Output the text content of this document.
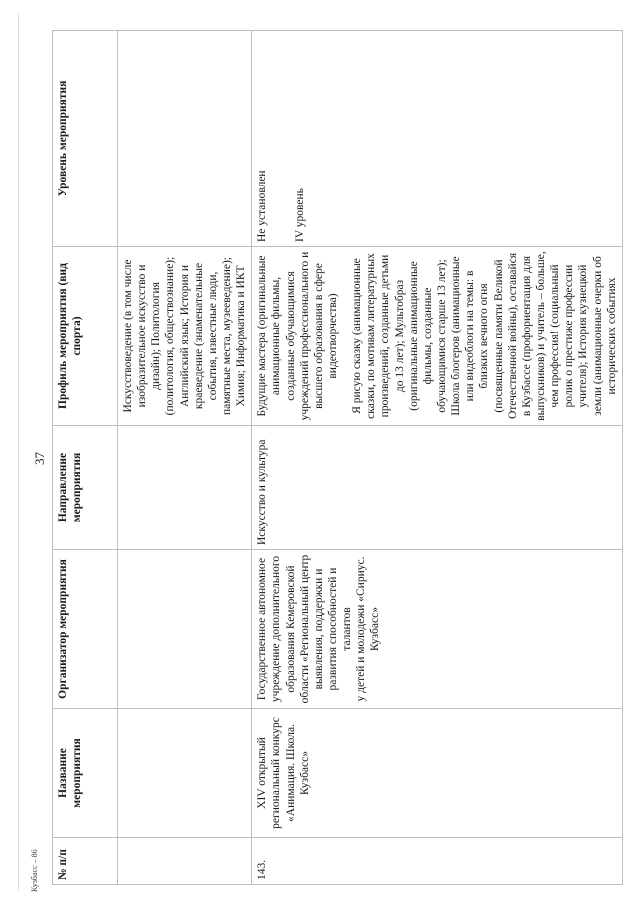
37
№ п/п	Название мероприятия	Организатор мероприятия	Направление мероприятия	Профиль мероприятия (вид спорта)	Уровень мероприятия
				Искусствоведение (в том числе изобразительное искусство и дизайн); Политология (политология, обществознание); Английский язык; История и краеведение (знаменательные события, известные люди, памятные места, музееведение); Химия; Информатика и ИКТ	
143.	XIV открытый региональный конкурс «Анимация. Школа. Кузбасс»	Государственное автономное учреждение дополнительного образования Кемеровской области «Региональный центр выявления, поддержки и развития способностей и талантов у детей и молодежи «Сириус. Кузбасс»	Искусство и культура	Будущие мастера (оригинальные анимационные фильмы, созданные обучающимися учреждений профессионального и высшего образования в сфере видеотворчества) Я рисую сказку (анимационные сказки, по мотивам литературных произведений, созданные детьми до 13 лет); Мультобраз (оригинальные анимационные фильмы, созданные обучающимися старше 13 лет); Школа блогеров (анимационные или видеоблоги на темы: в близких вечного огня (посвященные памяти Великой Отечественной войны), оставайся в Кузбассе (профориентация для выпускников) и учитель – больше, чем профессия! (социальный ролик о престиже профессии учителя); История кузнецкой земли (анимационные очерки об исторических событиях	Не установлен IV уровень
Кузбасс – 86
